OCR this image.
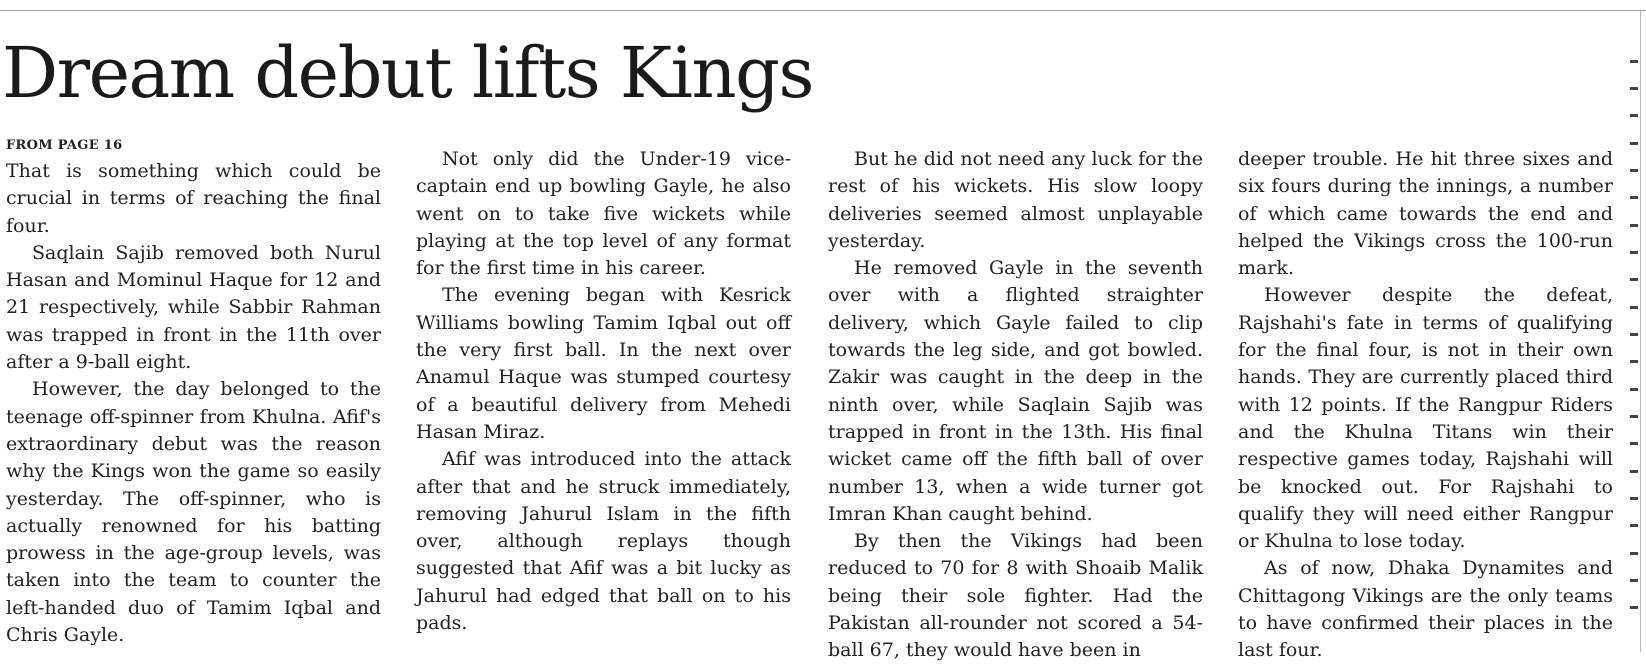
Dream debut lifts Kings
FROM PAGE 16

That is something which could be crucial in terms of reaching the final four.

Saqlain Sajib removed both Nurul Hasan and Mominul Haque for 12 and 21 respectively, while Sabbir Rahman was trapped in front in the 11th over after a 9-ball eight.

However, the day belonged to the teenage off-spinner from Khulna. Afif's extraordinary debut was the reason why the Kings won the game so easily yesterday. The off-spinner, who is actually renowned for his batting prowess in the age-group levels, was taken into the team to counter the left-handed duo of Tamim Iqbal and Chris Gayle.

Not only did the Under-19 vice-captain end up bowling Gayle, he also went on to take five wickets while playing at the top level of any format for the first time in his career.

The evening began with Kesrick Williams bowling Tamim Iqbal out off the very first ball. In the next over Anamul Haque was stumped courtesy of a beautiful delivery from Mehedi Hasan Miraz.

Afif was introduced into the attack after that and he struck immediately, removing Jahurul Islam in the fifth over, although replays though suggested that Afif was a bit lucky as Jahurul had edged that ball on to his pads.

But he did not need any luck for the rest of his wickets. His slow loopy deliveries seemed almost unplayable yesterday.

He removed Gayle in the seventh over with a flighted straighter delivery, which Gayle failed to clip towards the leg side, and got bowled. Zakir was caught in the deep in the ninth over, while Saqlain Sajib was trapped in front in the 13th. His final wicket came off the fifth ball of over number 13, when a wide turner got Imran Khan caught behind.

By then the Vikings had been reduced to 70 for 8 with Shoaib Malik being their sole fighter. Had the Pakistan all-rounder not scored a 54-ball 67, they would have been in

deeper trouble. He hit three sixes and six fours during the innings, a number of which came towards the end and helped the Vikings cross the 100-run mark.

However despite the defeat, Rajshahi's fate in terms of qualifying for the final four, is not in their own hands. They are currently placed third with 12 points. If the Rangpur Riders and the Khulna Titans win their respective games today, Rajshahi will be knocked out. For Rajshahi to qualify they will need either Rangpur or Khulna to lose today.

As of now, Dhaka Dynamites and Chittagong Vikings are the only teams to have confirmed their places in the last four.
